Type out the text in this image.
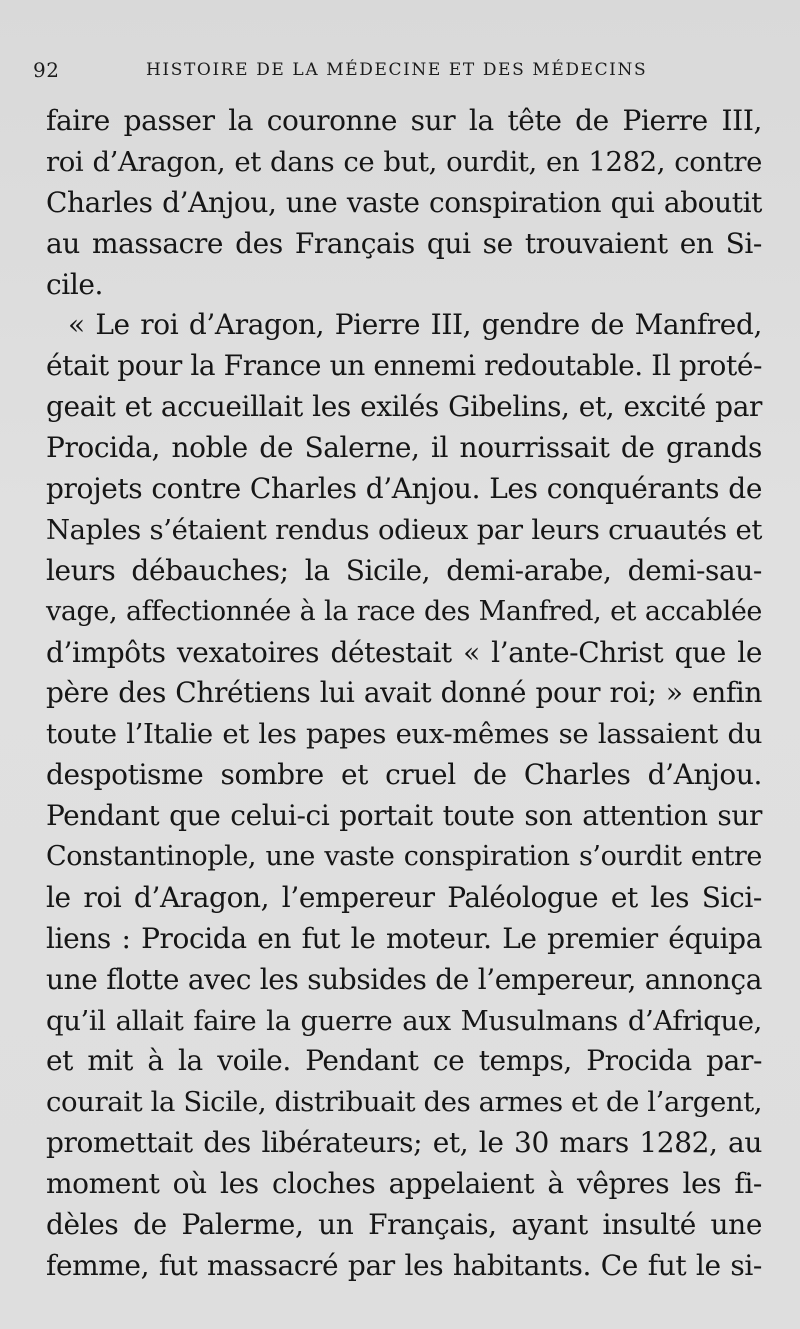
92	HISTOIRE DE LA MÉDECINE ET DES MÉDECINS
faire passer la couronne sur la tête de Pierre III,
roi d’Aragon, et dans ce but, ourdit, en 1282, contre
Charles d’Anjou, une vaste conspiration qui aboutit
au massacre des Français qui se trouvaient en Si-
cile.
« Le roi d’Aragon, Pierre III, gendre de Manfred,
était pour la France un ennemi redoutable. Il proté-
geait et accueillait les exilés Gibelins, et, excité par
Procida, noble de Salerne, il nourrissait de grands
projets contre Charles d’Anjou. Les conquérants de
Naples s’étaient rendus odieux par leurs cruautés et
leurs débauches; la Sicile, demi-arabe, demi-sau-
vage, affectionnée à la race des Manfred, et accablée
d’impôts vexatoires détestait « l’ante-Christ que le
père des Chrétiens lui avait donné pour roi; » enfin
toute l’Italie et les papes eux-mêmes se lassaient du
despotisme sombre et cruel de Charles d’Anjou.
Pendant que celui-ci portait toute son attention sur
Constantinople, une vaste conspiration s’ourdit entre
le roi d’Aragon, l’empereur Paléologue et les Sici-
liens : Procida en fut le moteur. Le premier équipa
une flotte avec les subsides de l’empereur, annonça
qu’il allait faire la guerre aux Musulmans d’Afrique,
et mit à la voile. Pendant ce temps, Procida par-
courait la Sicile, distribuait des armes et de l’argent,
promettait des libérateurs; et, le 30 mars 1282, au
moment où les cloches appelaient à vêpres les fi-
dèles de Palerme, un Français, ayant insulté une
femme, fut massacré par les habitants. Ce fut le si-
